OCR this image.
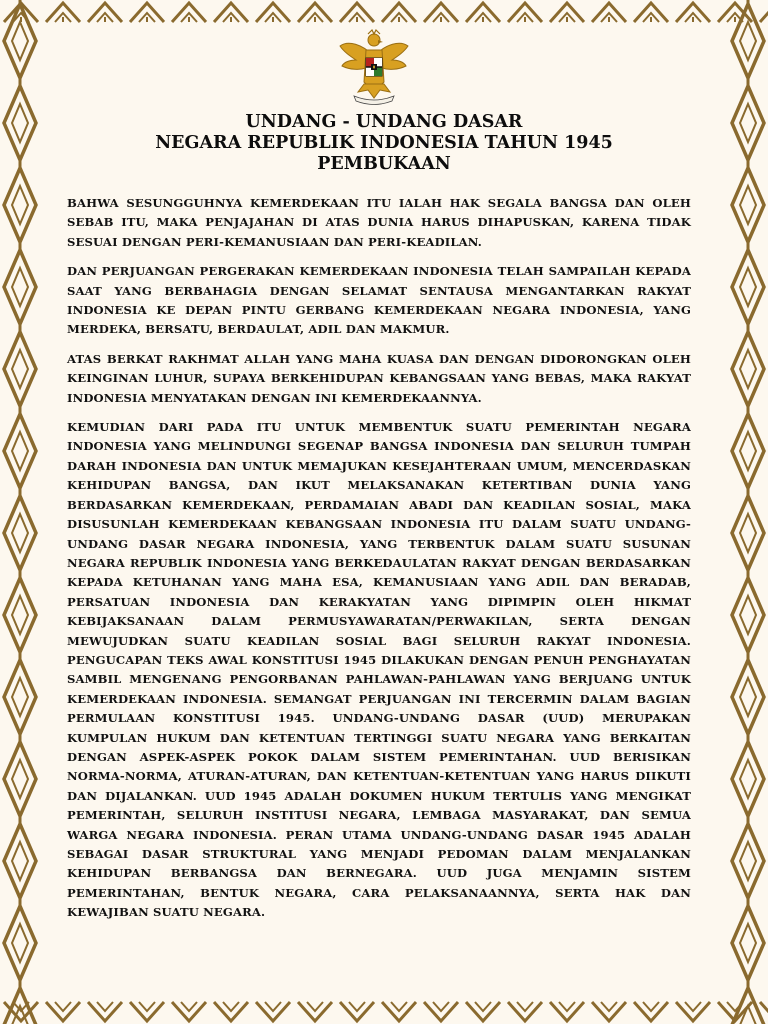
UNDANG - UNDANG DASAR
NEGARA REPUBLIK INDONESIA TAHUN 1945
PEMBUKAAN

BAHWA SESUNGGUHNYA KEMERDEKAAN ITU IALAH HAK SEGALA BANGSA DAN OLEH SEBAB ITU, MAKA PENJAJAHAN DI ATAS DUNIA HARUS DIHAPUSKAN, KARENA TIDAK SESUAI DENGAN PERI-KEMANUSIAAN DAN PERI-KEADILAN.

DAN PERJUANGAN PERGERAKAN KEMERDEKAAN INDONESIA TELAH SAMPAILAH KEPADA SAAT YANG BERBAHAGIA DENGAN SELAMAT SENTAUSA MENGANTARKAN RAKYAT INDONESIA KE DEPAN PINTU GERBANG KEMERDEKAAN NEGARA INDONESIA, YANG MERDEKA, BERSATU, BERDAULAT, ADIL DAN MAKMUR.

ATAS BERKAT RAKHMAT ALLAH YANG MAHA KUASA DAN DENGAN DIDORONGKAN OLEH KEINGINAN LUHUR, SUPAYA BERKEHIDUPAN KEBANGSAAN YANG BEBAS, MAKA RAKYAT INDONESIA MENYATAKAN DENGAN INI KEMERDEKAANNYA.

KEMUDIAN DARI PADA ITU UNTUK MEMBENTUK SUATU PEMERINTAH NEGARA INDONESIA YANG MELINDUNGI SEGENAP BANGSA INDONESIA DAN SELURUH TUMPAH DARAH INDONESIA DAN UNTUK MEMAJUKAN KESEJAHTERAAN UMUM, MENCERDASKAN KEHIDUPAN BANGSA, DAN IKUT MELAKSANAKAN KETERTIBAN DUNIA YANG BERDASARKAN KEMERDEKAAN, PERDAMAIAN ABADI DAN KEADILAN SOSIAL, MAKA DISUSUNLAH KEMERDEKAAN KEBANGSAAN INDONESIA ITU DALAM SUATU UNDANG-UNDANG DASAR NEGARA INDONESIA, YANG TERBENTUK DALAM SUATU SUSUNAN NEGARA REPUBLIK INDONESIA YANG BERKEDAULATAN RAKYAT DENGAN BERDASARKAN KEPADA KETUHANAN YANG MAHA ESA, KEMANUSIAAN YANG ADIL DAN BERADAB, PERSATUAN INDONESIA DAN KERAKYATAN YANG DIPIMPIN OLEH HIKMAT KEBIJAKSANAAN DALAM PERMUSYAWARATAN/PERWAKILAN, SERTA DENGAN MEWUJUDKAN SUATU KEADILAN SOSIAL BAGI SELURUH RAKYAT INDONESIA. PENGUCAPAN TEKS AWAL KONSTITUSI 1945 DILAKUKAN DENGAN PENUH PENGHAYATAN SAMBIL MENGENANG PENGORBANAN PAHLAWAN-PAHLAWAN YANG BERJUANG UNTUK KEMERDEKAAN INDONESIA. SEMANGAT PERJUANGAN INI TERCERMIN DALAM BAGIAN PERMULAAN KONSTITUSI 1945. UNDANG-UNDANG DASAR (UUD) MERUPAKAN KUMPULAN HUKUM DAN KETENTUAN TERTINGGI SUATU NEGARA YANG BERKAITAN DENGAN ASPEK-ASPEK POKOK DALAM SISTEM PEMERINTAHAN. UUD BERISIKAN NORMA-NORMA, ATURAN-ATURAN, DAN KETENTUAN-KETENTUAN YANG HARUS DIIKUTI DAN DIJALANKAN. UUD 1945 ADALAH DOKUMEN HUKUM TERTULIS YANG MENGIKAT PEMERINTAH, SELURUH INSTITUSI NEGARA, LEMBAGA MASYARAKAT, DAN SEMUA WARGA NEGARA INDONESIA. PERAN UTAMA UNDANG-UNDANG DASAR 1945 ADALAH SEBAGAI DASAR STRUKTURAL YANG MENJADI PEDOMAN DALAM MENJALANKAN KEHIDUPAN BERBANGSA DAN BERNEGARA. UUD JUGA MENJAMIN SISTEM PEMERINTAHAN, BENTUK NEGARA, CARA PELAKSANAANNYA, SERTA HAK DAN KEWAJIBAN SUATU NEGARA.
